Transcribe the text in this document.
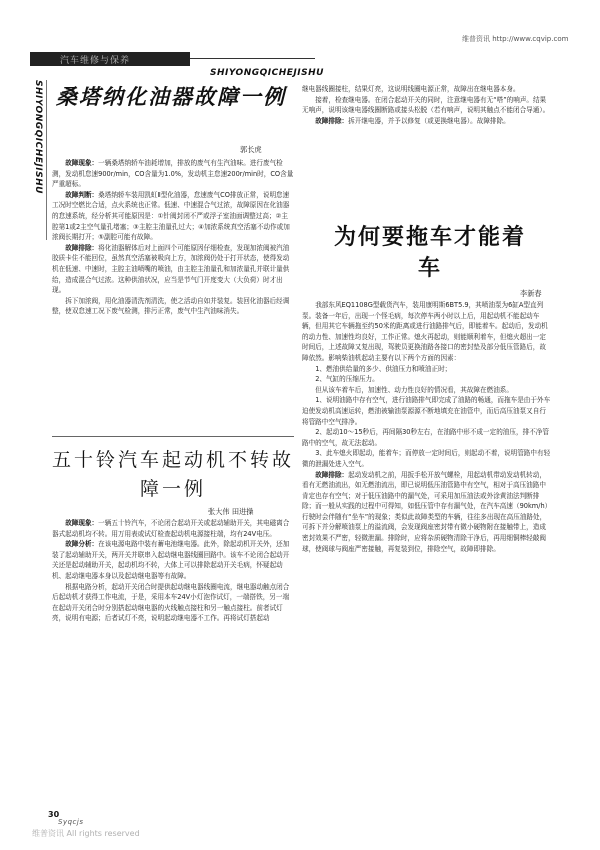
维普资讯 http://www.cqvip.com
汽车维修与保养
SHIYONGQICHEJISHU
SHIYONGQICHEJISHU 桑塔纳化油器故障一例
郭长虎

故障现象：一辆桑塔纳轿车油耗增加，排放的废气有生汽油味。进行废气检测，发动机怠速900r/min，CO含量为1.0%，发动机主怠速200r/min时，CO含量严重超标。

故障判断：桑塔纳轿车装用凯虹Ⅱ型化油器，怠速废气CO排放正常，说明怠速工况时空燃比合适，点火系统也正常。低速、中速混合气过浓，故障原因在化油器的怠速系统，经分析其可能原因是：①针阀封闭不严或浮子室油面调整过高；②主腔第1或2主空气量孔堵塞；③主腔主油量孔过大；④加浓系统真空活塞不动作或加浓阀长期打开；⑤副腔可能有故障。

故障排除：将化油器解体后对上面四个可能原因仔细检查，发现加浓阀被汽油胶质卡住不能回位，虽然真空活塞被吸向上方，加浓阀仍处于打开状态，使得发动机在低速、中速时，主腔主油喷嘴的喷油，由主腔主油量孔和加浓量孔并联计量供给，造成混合气过浓。这种供油状况，应当是节气门开度变大（大负荷）时才出现。

拆下加浓阀，用化油器清洗剂清洗，使之活动自如并装复。装回化油器后经调整，使双怠速工况下废气检测，排污正常，废气中生汽油味消失。

五十铃汽车起动机不转故障一例
张大伟 田进操

故障现象：一辆五十铃汽车，不论闭合起动开关或起动辅助开关，其电磁离合器式起动机均不转。用万用表或试灯检查起动机电源接柱端，均有24V电压。

故障分析：在该电源电路中装有蓄电池继电器。此外，除起动机开关外，还加装了起动辅助开关，两开关并联串入起动继电器线圈回路中。该车不论闭合起动开关还是起动辅助开关，起动机均不转，大体上可以排除起动开关毛病，怀疑起动机、起动继电器本身以及起动继电器等有故障。

根据电路分析，起动开关闭合时提供起动继电器线圈电流，继电器动触点闭合后起动机才获得工作电流，于是，采用本车24V小灯泡作试灯，一端搭铁，另一端在起动开关闭合时分别搭起动继电器的火线触点接柱和另一触点接柱。前者试灯亮，说明有电源；后者试灯不亮，说明起动继电器不工作。再将试灯搭起动

继电器线圈接柱，结果灯亮，这说明线圈电源正常，故障出在继电器本身。

接着，检查继电器。在闭合起动开关的同时，注意继电器有无“嗒”的响声。结果无响声，说明该继电器线圈断路或接头松脱（若有响声，说明其触点不能闭合导通）。

故障排除：拆开继电器，并予以修复（或更换继电器）。故障排除。

为何要拖车才能着车
李新春

我部东风EQ1108G型载货汽车，装用康明斯6BT5.9，其喷油泵为6缸A型直列泵。装备一年后，出现一个怪毛病，每次停车两小时以上后，用起动机不能起动车辆，但用其它车辆拖至约50米的距离或进行油路排气后，即能着车。起动后，发动机的动力性、加速性均良好，工作正常。熄火再起动，则能顺利着车，但熄火超出一定时间后，上述故障又复出现，驾驶员更换油路各接口的密封垫及部分低压管路后，故障依然。影响柴油机起动主要有以下两个方面的因素：

1、燃油供给量的多少、供油压力和喷油正时；

2、气缸的压缩压力。

但从该车着车后，加速性、动力性良好的情况看，其故障在燃油系。

1、说明油路中存有空气，进行油路排气即完成了油路的畅通，而拖车是由于外车迫使发动机高速运转，燃油被输油泵源源不断地填充在油管中，而后高压油泵又自行将管路中空气排净。

2、起动10～15秒后，再间隔30秒左右，在油路中形不成一定的油压，排不净管路中的空气，故无法起动。

3、此车熄火即起动，能着车；而停放一定时间后，则起动不着，说明管路中有轻微的泄漏处进入空气。

故障排除：起动发动机之前，用扳手松开放气螺栓，用起动机带动发动机转动，看有无燃油流出，如无燃油流出，即已说明低压油管路中有空气，相对于高压油路中肯定也存有空气；对于低压油路中的漏气处，可采用加压油法或外涂黄油法判断排除；而一般从实践的过程中可得知，如低压管中存有漏气处，在汽车高速（90km/h）行驶时会伴随有“坐车”的现象；类似此故障类型的车辆，往往多出现在高压油路处，可拆下并分解喷油泵上的溢流阀，会发现阀座密封带有微小硬物附在接触带上，造成密封效果不严密，轻微泄漏。排除时，应将杂质硬物清除干净后，再用细铜棒轻敲阀球，使阀球与阀座严密接触，再复装到位，排除空气，故障即排除。

30
Syqcjs
维普资讯 All rights reserved
